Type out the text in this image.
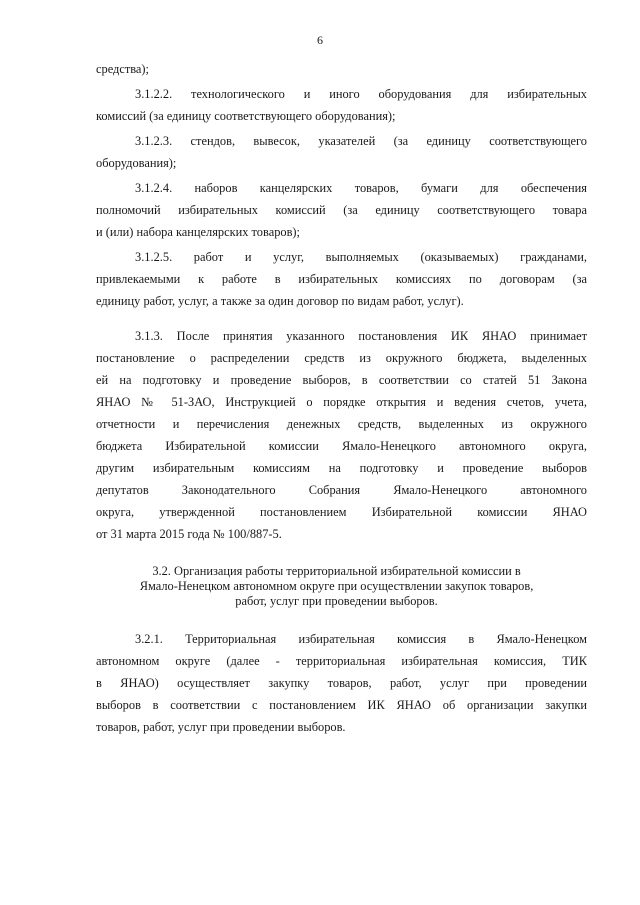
6

средства);

3.1.2.2. технологического и иного оборудования для избирательных
комиссий (за единицу соответствующего оборудования);

3.1.2.3. стендов, вывесок, указателей (за единицу соответствующего
оборудования);

3.1.2.4. наборов канцелярских товаров, бумаги для обеспечения
полномочий избирательных комиссий (за единицу соответствующего товара
и (или) набора канцелярских товаров);

3.1.2.5. работ и услуг, выполняемых (оказываемых) гражданами,
привлекаемыми к работе в избирательных комиссиях по договорам (за
единицу работ, услуг, а также за один договор по видам работ, услуг).

3.1.3. После принятия указанного постановления ИК ЯНАО принимает
постановление о распределении средств из окружного бюджета, выделенных
ей на подготовку и проведение выборов, в соответствии со статей 51 Закона
ЯНАО № 51-ЗАО, Инструкцией о порядке открытия и ведения счетов, учета,
отчетности и перечисления денежных средств, выделенных из окружного
бюджета Избирательной комиссии Ямало-Ненецкого автономного округа,
другим избирательным комиссиям на подготовку и проведение выборов
депутатов Законодательного Собрания Ямало-Ненецкого автономного
округа, утвержденной постановлением Избирательной комиссии ЯНАО
от 31 марта 2015 года № 100/887-5.

3.2. Организация работы территориальной избирательной комиссии в
Ямало-Ненецком автономном округе при осуществлении закупок товаров,
работ, услуг при проведении выборов.

3.2.1. Территориальная избирательная комиссия в Ямало-Ненецком
автономном округе (далее - территориальная избирательная комиссия, ТИК
в ЯНАО) осуществляет закупку товаров, работ, услуг при проведении
выборов в соответствии с постановлением ИК ЯНАО об организации закупки
товаров, работ, услуг при проведении выборов.
